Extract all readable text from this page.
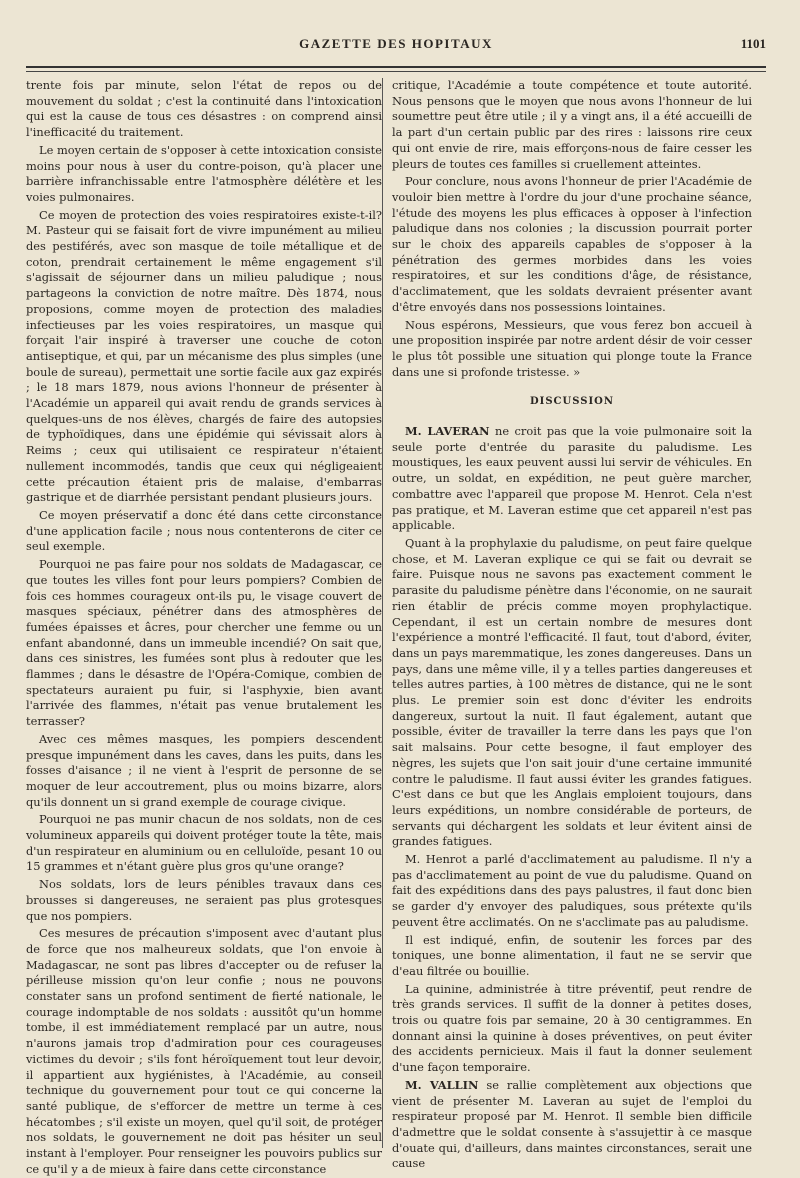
GAZETTE DES HOPITAUX	1101

trente fois par minute, selon l'état de repos ou de mouvement du soldat ; c'est la continuité dans l'intoxication qui est la cause de tous ces désastres : on comprend ainsi l'inefficacité du traitement.

Le moyen certain de s'opposer à cette intoxication consiste moins pour nous à user du contre-poison, qu'à placer une barrière infranchissable entre l'atmosphère délétère et les voies pulmonaires.

Ce moyen de protection des voies respiratoires existe-t-il? M. Pasteur qui se faisait fort de vivre impunément au milieu des pestiférés, avec son masque de toile métallique et de coton, prendrait certainement le même engagement s'il s'agissait de séjourner dans un milieu paludique ; nous partageons la conviction de notre maître. Dès 1874, nous proposions, comme moyen de protection des maladies infectieuses par les voies respiratoires, un masque qui forçait l'air inspiré à traverser une couche de coton antiseptique, et qui, par un mécanisme des plus simples (une boule de sureau), permettait une sortie facile aux gaz expirés ; le 18 mars 1879, nous avions l'honneur de présenter à l'Académie un appareil qui avait rendu de grands services à quelques-uns de nos élèves, chargés de faire des autopsies de typhoïdiques, dans une épidémie qui sévissait alors à Reims ; ceux qui utilisaient ce respirateur n'étaient nullement incommodés, tandis que ceux qui négligeaient cette précaution étaient pris de malaise, d'embarras gastrique et de diarrhée persistant pendant plusieurs jours.

Ce moyen préservatif a donc été dans cette circonstance d'une application facile ; nous nous contenterons de citer ce seul exemple.

Pourquoi ne pas faire pour nos soldats de Madagascar, ce que toutes les villes font pour leurs pompiers? Combien de fois ces hommes courageux ont-ils pu, le visage couvert de masques spéciaux, pénétrer dans des atmosphères de fumées épaisses et âcres, pour chercher une femme ou un enfant abandonné, dans un immeuble incendié? On sait que, dans ces sinistres, les fumées sont plus à redouter que les flammes ; dans le désastre de l'Opéra-Comique, combien de spectateurs auraient pu fuir, si l'asphyxie, bien avant l'arrivée des flammes, n'était pas venue brutalement les terrasser?

Avec ces mêmes masques, les pompiers descendent presque impunément dans les caves, dans les puits, dans les fosses d'aisance ; il ne vient à l'esprit de personne de se moquer de leur accoutrement, plus ou moins bizarre, alors qu'ils donnent un si grand exemple de courage civique.

Pourquoi ne pas munir chacun de nos soldats, non de ces volumineux appareils qui doivent protéger toute la tête, mais d'un respirateur en aluminium ou en celluloïde, pesant 10 ou 15 grammes et n'étant guère plus gros qu'une orange?

Nos soldats, lors de leurs pénibles travaux dans ces brousses si dangereuses, ne seraient pas plus grotesques que nos pompiers.

Ces mesures de précaution s'imposent avec d'autant plus de force que nos malheureux soldats, que l'on envoie à Madagascar, ne sont pas libres d'accepter ou de refuser la périlleuse mission qu'on leur confie ; nous ne pouvons constater sans un profond sentiment de fierté nationale, le courage indomptable de nos soldats : aussitôt qu'un homme tombe, il est immédiatement remplacé par un autre, nous n'aurons jamais trop d'admiration pour ces courageuses victimes du devoir ; s'ils font héroïquement tout leur devoir, il appartient aux hygiénistes, à l'Académie, au conseil technique du gouvernement pour tout ce qui concerne la santé publique, de s'efforcer de mettre un terme à ces hécatombes ; s'il existe un moyen, quel qu'il soit, de protéger nos soldats, le gouvernement ne doit pas hésiter un seul instant à l'employer. Pour renseigner les pouvoirs publics sur ce qu'il y a de mieux à faire dans cette circonstance

critique, l'Académie a toute compétence et toute autorité. Nous pensons que le moyen que nous avons l'honneur de lui soumettre peut être utile ; il y a vingt ans, il a été accueilli de la part d'un certain public par des rires : laissons rire ceux qui ont envie de rire, mais efforçons-nous de faire cesser les pleurs de toutes ces familles si cruellement atteintes.

Pour conclure, nous avons l'honneur de prier l'Académie de vouloir bien mettre à l'ordre du jour d'une prochaine séance, l'étude des moyens les plus efficaces à opposer à l'infection paludique dans nos colonies ; la discussion pourrait porter sur le choix des appareils capables de s'opposer à la pénétration des germes morbides dans les voies respiratoires, et sur les conditions d'âge, de résistance, d'acclimatement, que les soldats devraient présenter avant d'être envoyés dans nos possessions lointaines.

Nous espérons, Messieurs, que vous ferez bon accueil à une proposition inspirée par notre ardent désir de voir cesser le plus tôt possible une situation qui plonge toute la France dans une si profonde tristesse. »

DISCUSSION

M. LAVERAN ne croit pas que la voie pulmonaire soit la seule porte d'entrée du parasite du paludisme. Les moustiques, les eaux peuvent aussi lui servir de véhicules. En outre, un soldat, en expédition, ne peut guère marcher, combattre avec l'appareil que propose M. Henrot. Cela n'est pas pratique, et M. Laveran estime que cet appareil n'est pas applicable.

Quant à la prophylaxie du paludisme, on peut faire quelque chose, et M. Laveran explique ce qui se fait ou devrait se faire. Puisque nous ne savons pas exactement comment le parasite du paludisme pénètre dans l'économie, on ne saurait rien établir de précis comme moyen prophylactique. Cependant, il est un certain nombre de mesures dont l'expérience a montré l'efficacité. Il faut, tout d'abord, éviter, dans un pays maremmatique, les zones dangereuses. Dans un pays, dans une même ville, il y a telles parties dangereuses et telles autres parties, à 100 mètres de distance, qui ne le sont plus. Le premier soin est donc d'éviter les endroits dangereux, surtout la nuit. Il faut également, autant que possible, éviter de travailler la terre dans les pays que l'on sait malsains. Pour cette besogne, il faut employer des nègres, les sujets que l'on sait jouir d'une certaine immunité contre le paludisme. Il faut aussi éviter les grandes fatigues. C'est dans ce but que les Anglais emploient toujours, dans leurs expéditions, un nombre considérable de porteurs, de servants qui déchargent les soldats et leur évitent ainsi de grandes fatigues.

M. Henrot a parlé d'acclimatement au paludisme. Il n'y a pas d'acclimatement au point de vue du paludisme. Quand on fait des expéditions dans des pays palustres, il faut donc bien se garder d'y envoyer des paludiques, sous prétexte qu'ils peuvent être acclimatés. On ne s'acclimate pas au paludisme.

Il est indiqué, enfin, de soutenir les forces par des toniques, une bonne alimentation, il faut ne se servir que d'eau filtrée ou bouillie.

La quinine, administrée à titre préventif, peut rendre de très grands services. Il suffit de la donner à petites doses, trois ou quatre fois par semaine, 20 à 30 centigrammes. En donnant ainsi la quinine à doses préventives, on peut éviter des accidents pernicieux. Mais il faut la donner seulement d'une façon temporaire.

M. VALLIN se rallie complètement aux objections que vient de présenter M. Laveran au sujet de l'emploi du respirateur proposé par M. Henrot. Il semble bien difficile d'admettre que le soldat consente à s'assujettir à ce masque d'ouate qui, d'ailleurs, dans maintes circonstances, serait une cause
